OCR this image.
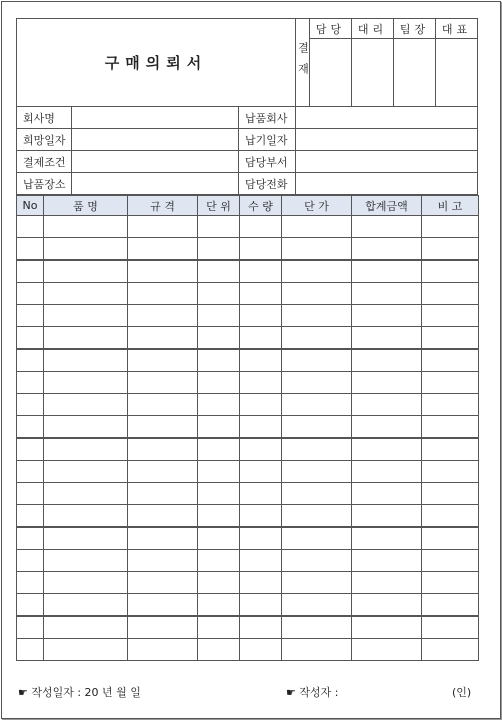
구매의뢰서	결재
담당	대리	팀장	대표
회사명	납품회사
희망일자	납기일자
결제조건	담당부서
납품장소	담당전화
No	품 명	규 격	단 위	수 량	단 가	합계금액	비 고
☛ 작성일자 : 20 년 월 일	☛ 작성자 :	(인)
